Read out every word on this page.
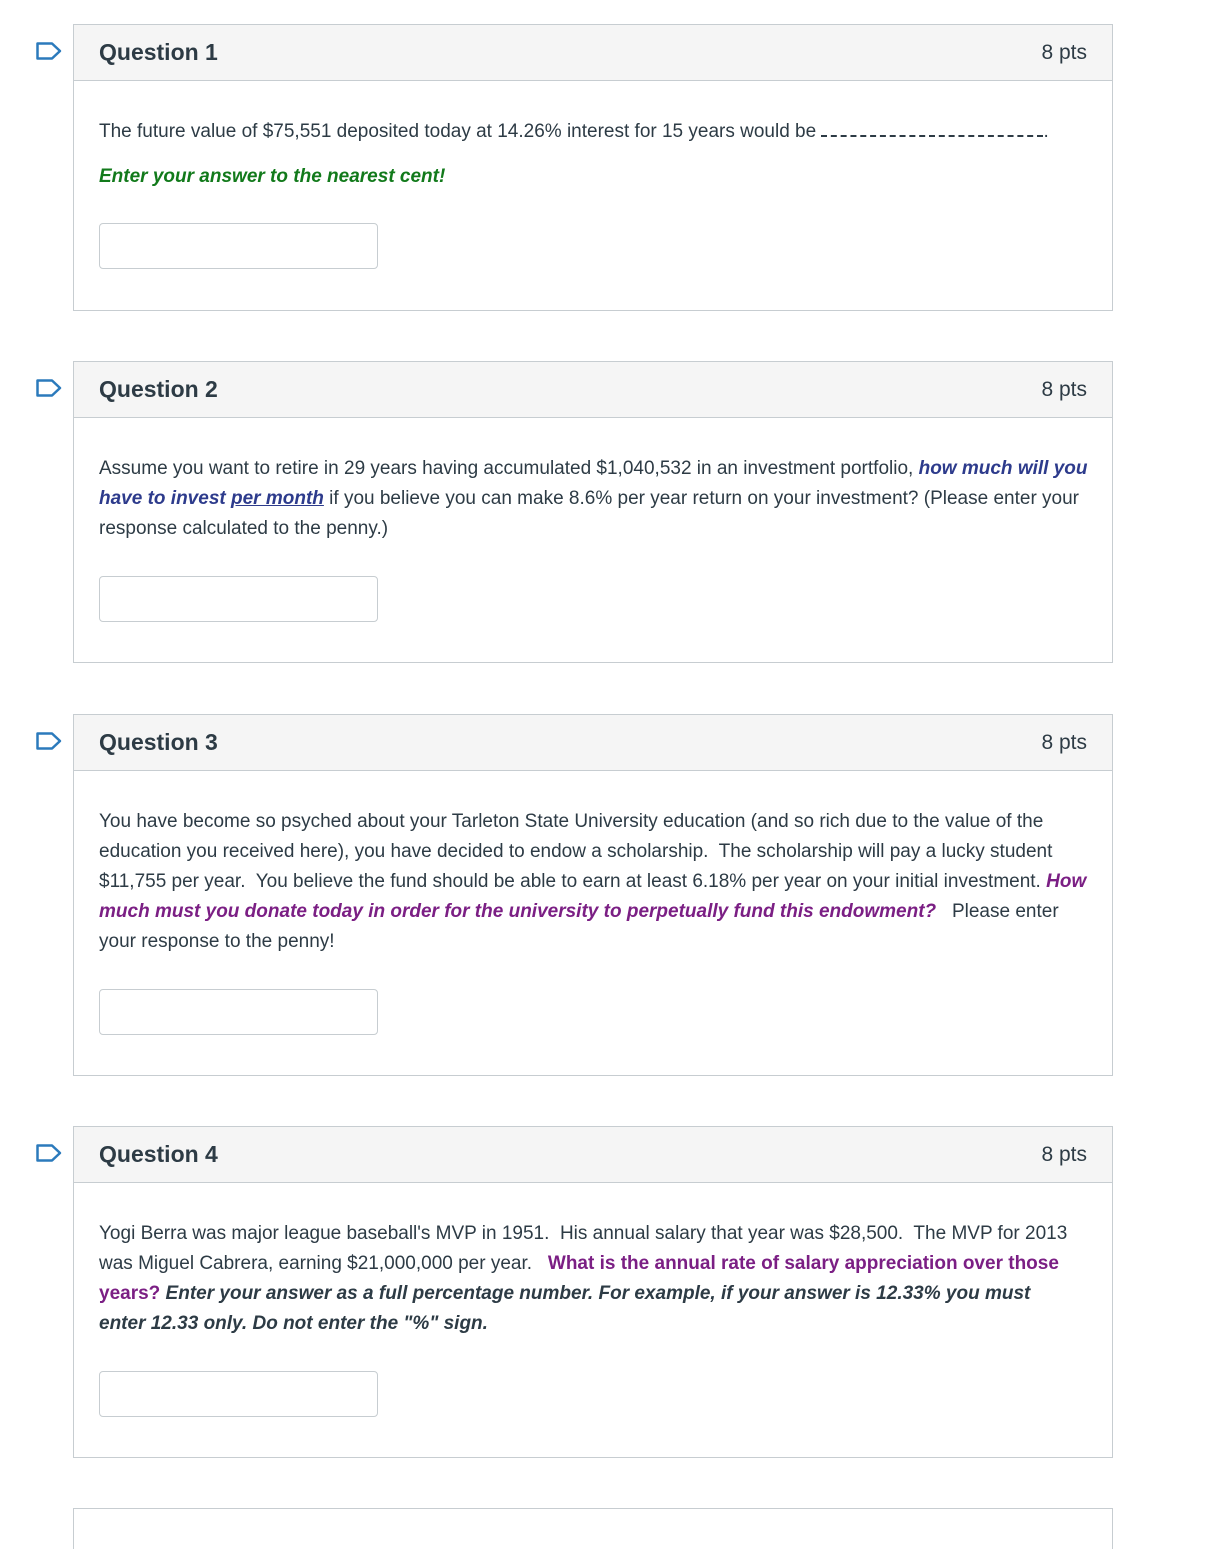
Question 1	8 pts

The future value of $75,551 deposited today at 14.26% interest for 15 years would be	.

Enter your answer to the nearest cent!

Question 2	8 pts

Assume you want to retire in 29 years having accumulated $1,040,532 in an investment portfolio, how much will you have to invest per month if you believe you can make 8.6% per year return on your investment? (Please enter your response calculated to the penny.)

Question 3	8 pts

You have become so psyched about your Tarleton State University education (and so rich due to the value of the education you received here), you have decided to endow a scholarship.  The scholarship will pay a lucky student $11,755 per year.  You believe the fund should be able to earn at least 6.18% per year on your initial investment. How much must you donate today in order for the university to perpetually fund this endowment?   Please enter your response to the penny!

Question 4	8 pts

Yogi Berra was major league baseball's MVP in 1951.  His annual salary that year was $28,500.  The MVP for 2013 was Miguel Cabrera, earning $21,000,000 per year.   What is the annual rate of salary appreciation over those years? Enter your answer as a full percentage number. For example, if your answer is 12.33% you must enter 12.33 only. Do not enter the "%" sign.
